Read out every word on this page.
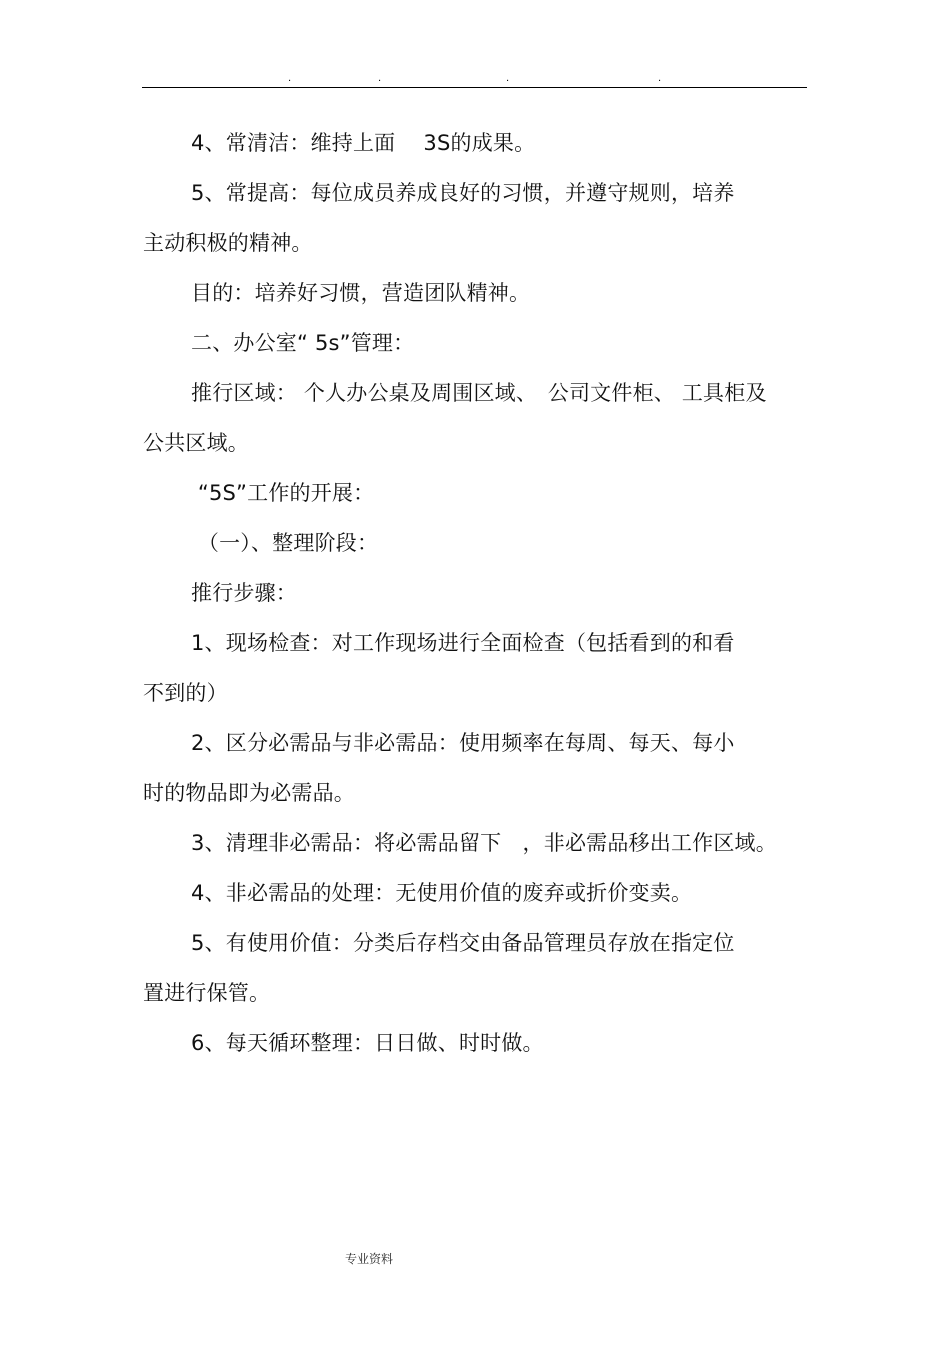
.	.	.	.
4、常清洁：维持上面　 3S的成果。
5、常提高：每位成员养成良好的习惯，并遵守规则，培养
主动积极的精神。
目的：培养好习惯，营造团队精神。
二、办公室“ 5s”管理：
推行区域： 个人办公桌及周围区域、　公司文件柜、 工具柜及
公共区域。
“5S”工作的开展：
（一）、整理阶段：
推行步骤：
1、现场检查：对工作现场进行全面检查（包括看到的和看
不到的）
2、区分必需品与非必需品：使用频率在每周、每天、每小
时的物品即为必需品。
3、清理非必需品：将必需品留下　，非必需品移出工作区域。
4、非必需品的处理：无使用价值的废弃或折价变卖。
5、有使用价值：分类后存档交由备品管理员存放在指定位
置进行保管。
6、每天循环整理：日日做、时时做。
专业资料
